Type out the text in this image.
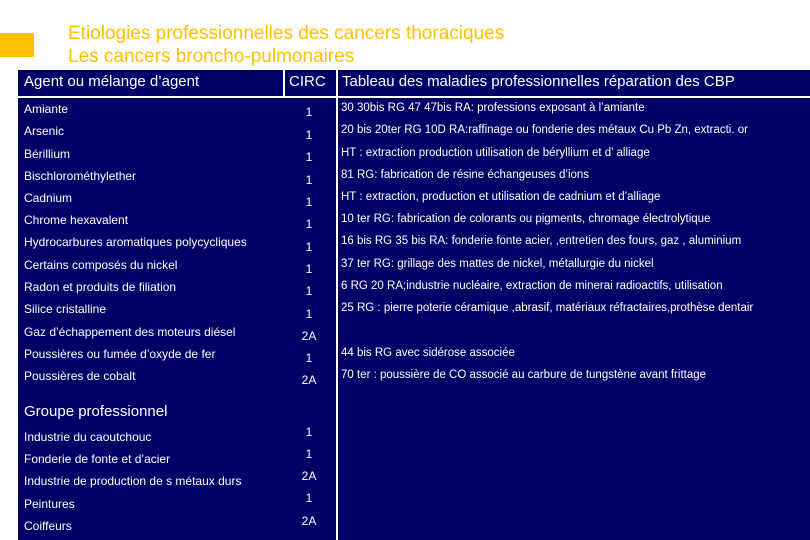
Etiologies professionnelles des cancers thoraciques
Les cancers broncho-pulmonaires
Agent ou mélange d’agent	CIRC Tableau des maladies professionnelles réparation des CBP
Amiante	1	30 30bis RG 47 47bis RA: professions exposant à l’amiante
Arsenic	1	20 bis 20ter RG 10D RA:raffinage ou fonderie des métaux Cu Pb Zn, extracti. or
Bérillium	1	HT : extraction production utilisation de béryllium et d’ alliage
Bischlorométhylether	1	81 RG: fabrication de résine échangeuses d’ions
Cadnium	1	HT : extraction, production et utilisation de cadnium et d’alliage
Chrome hexavalent	1	10 ter RG: fabrication de colorants ou pigments, chromage électrolytique
Hydrocarbures aromatiques polycycliques	1	16 bis RG 35 bis RA: fonderie fonte acier, ,entretien des fours, gaz , aluminium
Certains composés du nickel	1	37 ter RG: grillage des mattes de nickel, métallurgie du nickel
Radon et produits de filiation	1	6 RG 20 RA;industrie nucléaire, extraction de minerai radioactifs, utilisation
Silice cristalline	1	25 RG : pierre poterie céramique ,abrasif, matériaux réfractaires,prothèse dentair
Gaz d’échappement des moteurs diésel	2A
Poussières ou fumée d’oxyde de fer	1	44 bis RG avec sidérose associée
Poussières de cobalt	2A	70 ter : poussière de CO associé au carbure de tungstène avant frittage
Groupe professionnel
Industrie du caoutchouc	1
Fonderie de fonte et d’acier	1
Industrie de production de s métaux durs	2A
Peintures	1
Coiffeurs	2A
